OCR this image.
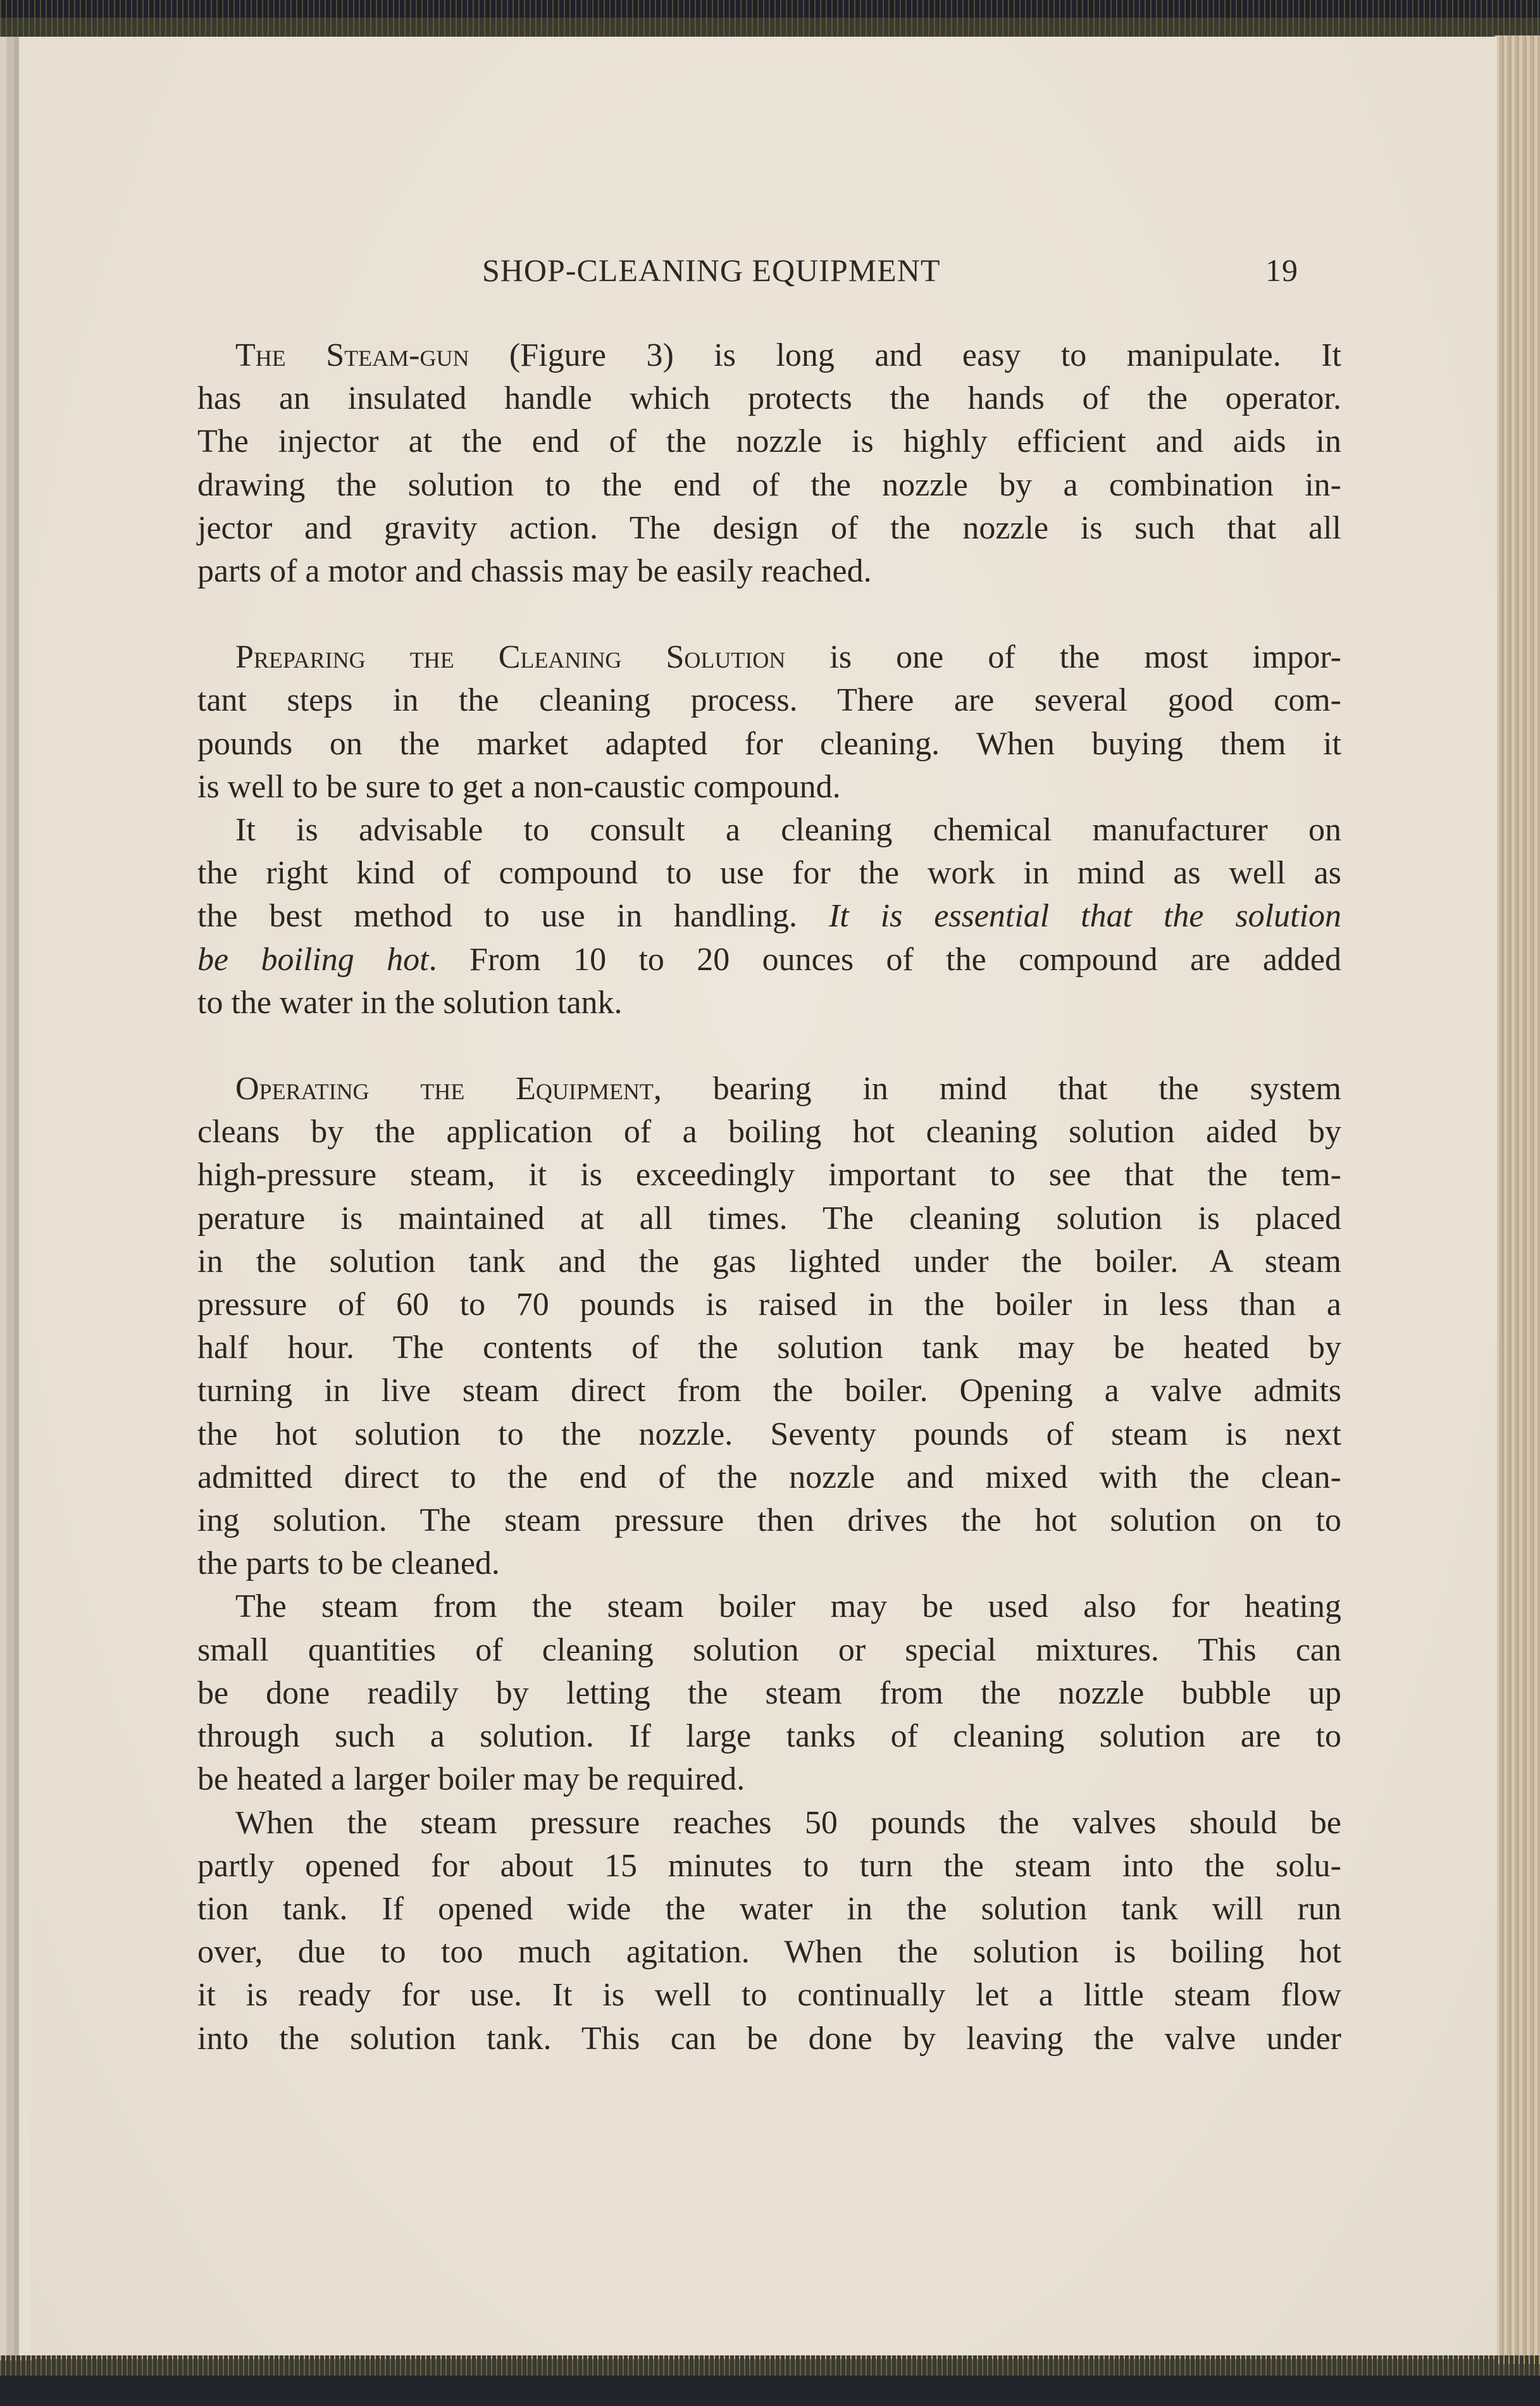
SHOP-CLEANING EQUIPMENT	19
The Steam-gun (Figure 3) is long and easy to manipulate. It
has an insulated handle which protects the hands of the operator.
The injector at the end of the nozzle is highly efficient and aids in
drawing the solution to the end of the nozzle by a combination in-
jector and gravity action. The design of the nozzle is such that all
parts of a motor and chassis may be easily reached.
Preparing the Cleaning Solution is one of the most impor-
tant steps in the cleaning process. There are several good com-
pounds on the market adapted for cleaning. When buying them it
is well to be sure to get a non-caustic compound.
It is advisable to consult a cleaning chemical manufacturer on
the right kind of compound to use for the work in mind as well as
the best method to use in handling. It is essential that the solution
be boiling hot. From 10 to 20 ounces of the compound are added
to the water in the solution tank.
Operating the Equipment, bearing in mind that the system
cleans by the application of a boiling hot cleaning solution aided by
high-pressure steam, it is exceedingly important to see that the tem-
perature is maintained at all times. The cleaning solution is placed
in the solution tank and the gas lighted under the boiler. A steam
pressure of 60 to 70 pounds is raised in the boiler in less than a
half hour. The contents of the solution tank may be heated by
turning in live steam direct from the boiler. Opening a valve admits
the hot solution to the nozzle. Seventy pounds of steam is next
admitted direct to the end of the nozzle and mixed with the clean-
ing solution. The steam pressure then drives the hot solution on to
the parts to be cleaned.
The steam from the steam boiler may be used also for heating
small quantities of cleaning solution or special mixtures. This can
be done readily by letting the steam from the nozzle bubble up
through such a solution. If large tanks of cleaning solution are to
be heated a larger boiler may be required.
When the steam pressure reaches 50 pounds the valves should be
partly opened for about 15 minutes to turn the steam into the solu-
tion tank. If opened wide the water in the solution tank will run
over, due to too much agitation. When the solution is boiling hot
it is ready for use. It is well to continually let a little steam flow
into the solution tank. This can be done by leaving the valve under
